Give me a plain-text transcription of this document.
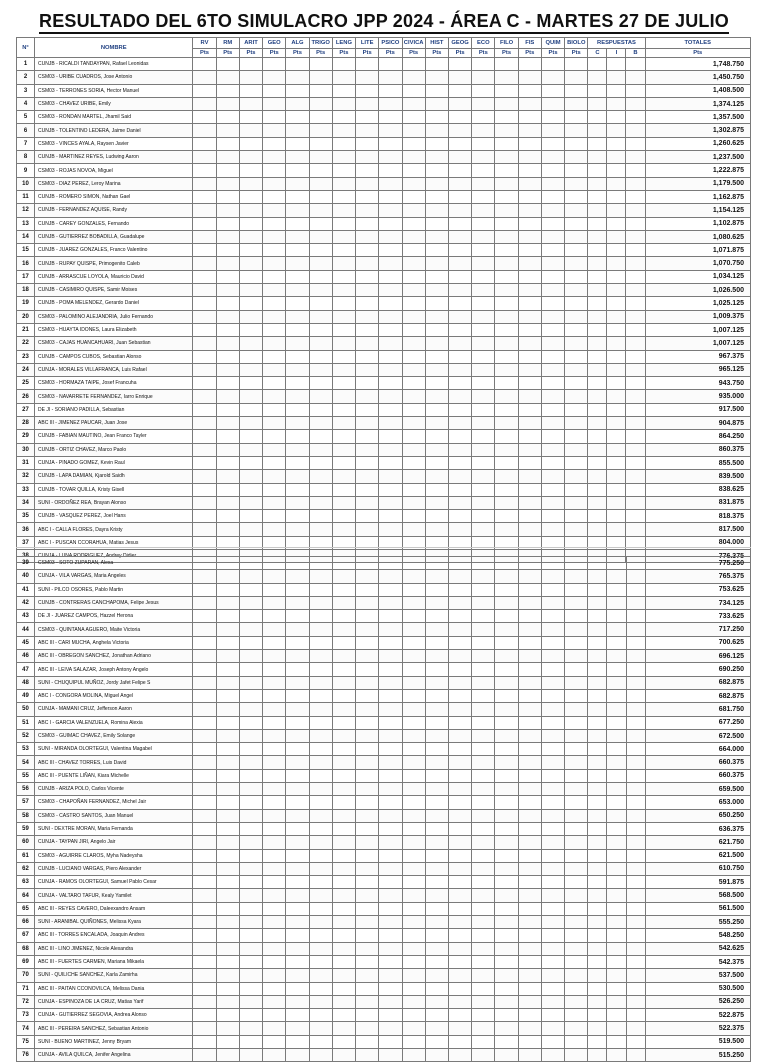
RESULTADO DEL 6TO SIMULACRO JPP 2024 - ÁREA C - MARTES 27 DE JULIO
N°	NOMBRE	RV	RM	ARIT	GEO	ALG	TRIGO	LENG	LITE	PSICO	CIVICA	HIST	GEOG	ECO	FILO	FIS	QUIM	BIOLO	RESPUESTAS			TOTALES
		Pts	Pts	Pts	Pts	Pts	Pts	Pts	Pts	Pts	Pts	Pts	Pts	Pts	Pts	Pts	Pts	Pts	C	I	B	Pts
1	CUNJB - RICALDI TANDAYPAN, Rafael Leonidas																					1,748.750
2	CSM03 - URIBE CUADROS, Jose Antonio																					1,450.750
3	CSM03 - TERRONES SORIA, Hector Manuel																					1,408.500
4	CSM03 - CHAVEZ URIBE, Emily																					1,374.125
5	CSM03 - RONDAN MARTEL, Jhamil Said																					1,357.500
6	CUNJB - TOLENTINO LEDERA, Jaime Daniel																					1,302.875
7	CSM03 - VINCES AYALA, Raysen Javier																					1,260.625
8	CUNJB - MARTINEZ REYES, Ludwing Aaron																					1,237.500
9	CSM03 - ROJAS NOVOA, Miguel																					1,222.875
10	CSM03 - DIAZ PEREZ, Leroy Marina																					1,179.500
11	CUNJB - ROMERO SIMON, Nathan Gael																					1,162.875
12	CUNJB - FERNANDEZ AQUISE, Randy																					1,154.125
13	CUNJB - CAREY GONZALES, Fernando																					1,102.875
14	CUNJB - GUTIERREZ BOBADILLA, Guadalupe																					1,080.625
15	CUNJB - JUAREZ GONZALES, Franco Valentino																					1,071.875
16	CUNJB - RUPAY QUISPE, Primogenito Caleb																					1,070.750
17	CUNJB - ARRASCUE LOYOLA, Mauricio David																					1,034.125
18	CUNJB - CASIMIRO QUISPE, Samir Moises																					1,026.500
19	CUNJB - POMA MELENDEZ, Gerardo Daniel																					1,025.125
20	CSM03 - PALOMINO ALEJANDRIA, Julio Fernando																					1,009.375
21	CSM03 - HUAYTA IDONES, Laura Elizabeth																					1,007.125
22	CSM03 - CAJAS HUANCAHUARI, Juan Sebastian																					1,007.125
23	CUNJB - CAMPOS CUBOS, Sebastian Alonso																					967.375
24	CUNJA - MORALES VILLAFRANCA, Luis Rafael																					965.125
25	CSM03 - HORMAZA TAIPE, Josef Francuha																					943.750
26	CSM03 - NAVARRETE FERNANDEZ, Iarro Enrique																					935.000
27	DE JI - SORIANO PADILLA, Sebastian																					917.500
28	ABC III - JIMENEZ PAUCAR, Juan Jose																					904.875
29	CUNJB - FABIAN MAUTINO, Jean Franco Tayler																					864.250
30	CUNJB - ORTIZ CHAVEZ, Marco Paolo																					860.375
31	CUNJA - PINADO GOMEZ, Kevin Raul																					855.500
32	CUNJB - LAPA DAMIAN, Kjarold Saidh																					839.500
33	CUNJB - TOVAR QUILLA, Kristy Gisell																					838.625
34	SUNI - ORDOÑEZ REA, Brayan Alonso																					831.875
35	CUNJB - VASQUEZ PEREZ, Joel Hans																					818.375
36	ABC I - CALLA FLORES, Dayra Kristy																					817.500
37	ABC I - PUSCAN CCORAHUA, Matias Jesus																					804.000
38	CUNJA - LUNA RODRIGUEZ, Andrey Didier																					776.375
39	CSM03 - SOTO ZUPARAN, Alexa																					775.250
40	CUNJA - VILA VARGAS, Maria Angeles																					765.375
41	SUNI - PILCO OSORES, Pablo Martin																					753.625
42	CUNJB - CONTRERAS CANCHAPOMA, Felipe Jesus																					734.125
43	DE JI - JUAREZ CAMPOS, Hazzel Herona																					733.625
44	CSM03 - QUINTANA AGUERO, Maite Victoria																					717.250
45	ABC III - CARI MUCHA, Anghela Victoria																					700.625
46	ABC III - OBREGON SANCHEZ, Jonathan Adriano																					696.125
47	ABC III - LEIVA SALAZAR, Joseph Antony Angelo																					690.250
48	SUNI - CHUQUIPUL MUÑOZ, Jordy Jafet Felipe S																					682.875
49	ABC I - CONGORA MOLINA, Miguel Angel																					682.875
50	CUNJA - MAMANI CRUZ, Jefferson Aaron																					681.750
51	ABC I - GARCIA VALENZUELA, Romina Alexia																					677.250
52	CSM03 - GUIMAC CHAVEZ, Emily Solange																					672.500
53	SUNI - MIRANDA OLORTEGUI, Valentina Magabel																					664.000
54	ABC III - CHAVEZ TORRES, Luis David																					660.375
55	ABC III - PUENTE LIÑAN, Kiara Michelle																					660.375
56	CUNJB - ARIZA POLO, Carlos Vicente																					659.500
57	CSM03 - CHAPOÑAN FERNANDEZ, Michel Jair																					653.000
58	CSM03 - CASTRO SANTOS, Juan Manuel																					650.250
59	SUNI - DEXTRE MORAN, Maria Fernanda																					636.375
60	CUNJA - TAYPAN JIRI, Angelo Jair																					621.750
61	CSM03 - AGUIRRE CLAROS, Myha Nadeysha																					621.500
62	CUNJB - LUCIANO VARGAS, Piero Alexander																					610.750
63	CUNJA - RAMOS OLORTEGUI, Samuel Pablo Cesar																					591.875
64	CUNJA - VALTARO TAFUR, Kealy Yamilet																					568.500
65	ABC III - REYES CAVERO, Daleexandro Ansam																					561.500
66	SUNI - ARANIBAL QUIÑONES, Melissa Kyara																					555.250
67	ABC III - TORRES ENCALADA, Joaquin Andres																					548.250
68	ABC III - LINO JIMENEZ, Nicole Alexandra																					542.625
69	ABC III - FUERTES CARMEN, Mariana Mikaela																					542.375
70	SUNI - QUILICHE SANCHEZ, Karla Zamirha																					537.500
71	ABC III - PAITAN CCONOVILCA, Melissa Dania																					530.500
72	CUNJA - ESPINOZA DE LA CRUZ, Matias Yarif																					526.250
73	CUNJA - GUTIERREZ SEGOVIA, Andrea Alonso																					522.875
74	ABC III - PEREIRA SANCHEZ, Sebastian Antonio																					522.375
75	SUNI - BUENO MARTINEZ, Jenny Bryam																					519.500
76	CUNJA - AVILA QUILCA, Jenifer Angelina																					515.250
